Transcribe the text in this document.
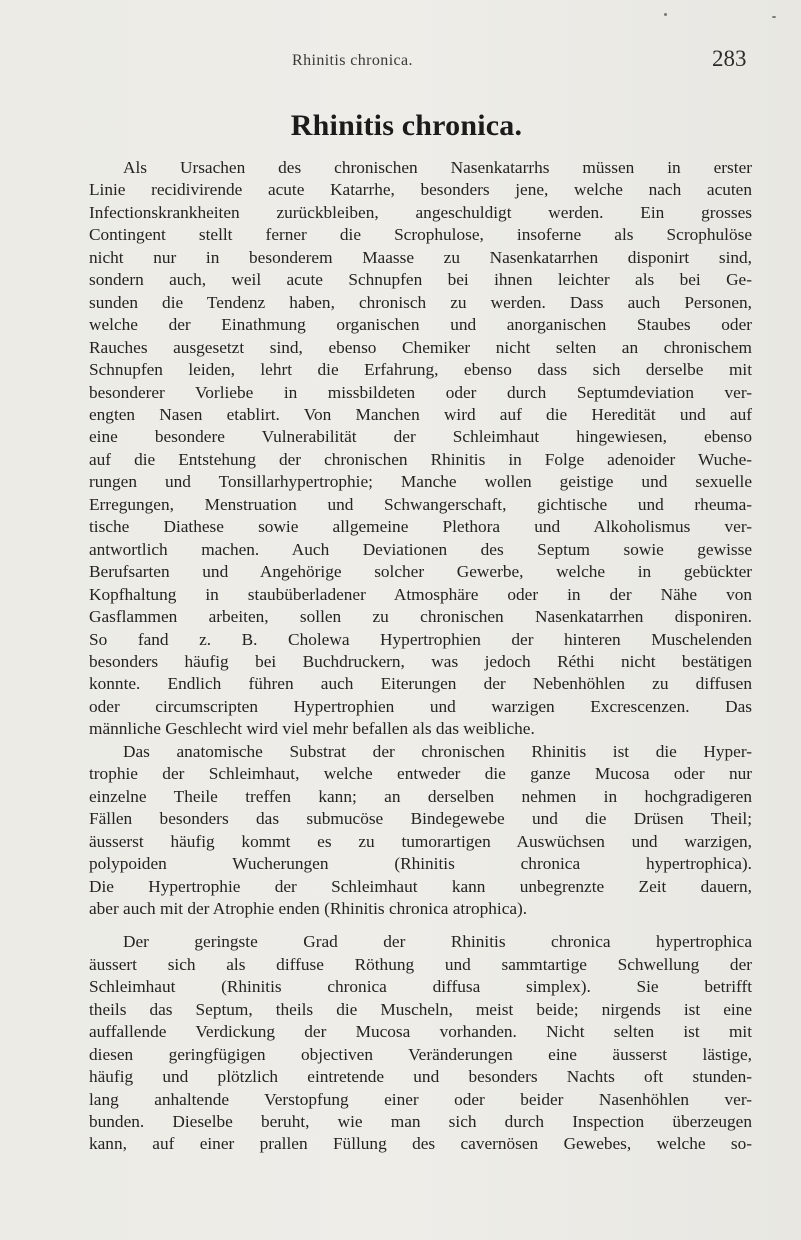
Rhinitis chronica.	283
Rhinitis chronica.
Als Ursachen des chronischen Nasenkatarrhs müssen in erster
Linie recidivirende acute Katarrhe, besonders jene, welche nach acuten
Infectionskrankheiten zurückbleiben, angeschuldigt werden. Ein grosses
Contingent stellt ferner die Scrophulose, insoferne als Scrophulöse
nicht nur in besonderem Maasse zu Nasenkatarrhen disponirt sind,
sondern auch, weil acute Schnupfen bei ihnen leichter als bei Ge-
sunden die Tendenz haben, chronisch zu werden. Dass auch Personen,
welche der Einathmung organischen und anorganischen Staubes oder
Rauches ausgesetzt sind, ebenso Chemiker nicht selten an chronischem
Schnupfen leiden, lehrt die Erfahrung, ebenso dass sich derselbe mit
besonderer Vorliebe in missbildeten oder durch Septumdeviation ver-
engten Nasen etablirt. Von Manchen wird auf die Heredität und auf
eine besondere Vulnerabilität der Schleimhaut hingewiesen, ebenso
auf die Entstehung der chronischen Rhinitis in Folge adenoider Wuche-
rungen und Tonsillarhypertrophie; Manche wollen geistige und sexuelle
Erregungen, Menstruation und Schwangerschaft, gichtische und rheuma-
tische Diathese sowie allgemeine Plethora und Alkoholismus ver-
antwortlich machen. Auch Deviationen des Septum sowie gewisse
Berufsarten und Angehörige solcher Gewerbe, welche in gebückter
Kopfhaltung in staubüberladener Atmosphäre oder in der Nähe von
Gasflammen arbeiten, sollen zu chronischen Nasenkatarrhen disponiren.
So fand z. B. Cholewa Hypertrophien der hinteren Muschelenden
besonders häufig bei Buchdruckern, was jedoch Réthi nicht bestätigen
konnte. Endlich führen auch Eiterungen der Nebenhöhlen zu diffusen
oder circumscripten Hypertrophien und warzigen Excrescenzen. Das
männliche Geschlecht wird viel mehr befallen als das weibliche.
Das anatomische Substrat der chronischen Rhinitis ist die Hyper-
trophie der Schleimhaut, welche entweder die ganze Mucosa oder nur
einzelne Theile treffen kann; an derselben nehmen in hochgradigeren
Fällen besonders das submucöse Bindegewebe und die Drüsen Theil;
äusserst häufig kommt es zu tumorartigen Auswüchsen und warzigen,
polypoiden Wucherungen (Rhinitis chronica hypertrophica).
Die Hypertrophie der Schleimhaut kann unbegrenzte Zeit dauern,
aber auch mit der Atrophie enden (Rhinitis chronica atrophica).
Der geringste Grad der Rhinitis chronica hypertrophica
äussert sich als diffuse Röthung und sammtartige Schwellung der
Schleimhaut (Rhinitis chronica diffusa simplex). Sie betrifft
theils das Septum, theils die Muscheln, meist beide; nirgends ist eine
auffallende Verdickung der Mucosa vorhanden. Nicht selten ist mit
diesen geringfügigen objectiven Veränderungen eine äusserst lästige,
häufig und plötzlich eintretende und besonders Nachts oft stunden-
lang anhaltende Verstopfung einer oder beider Nasenhöhlen ver-
bunden. Dieselbe beruht, wie man sich durch Inspection überzeugen
kann, auf einer prallen Füllung des cavernösen Gewebes, welche so-
